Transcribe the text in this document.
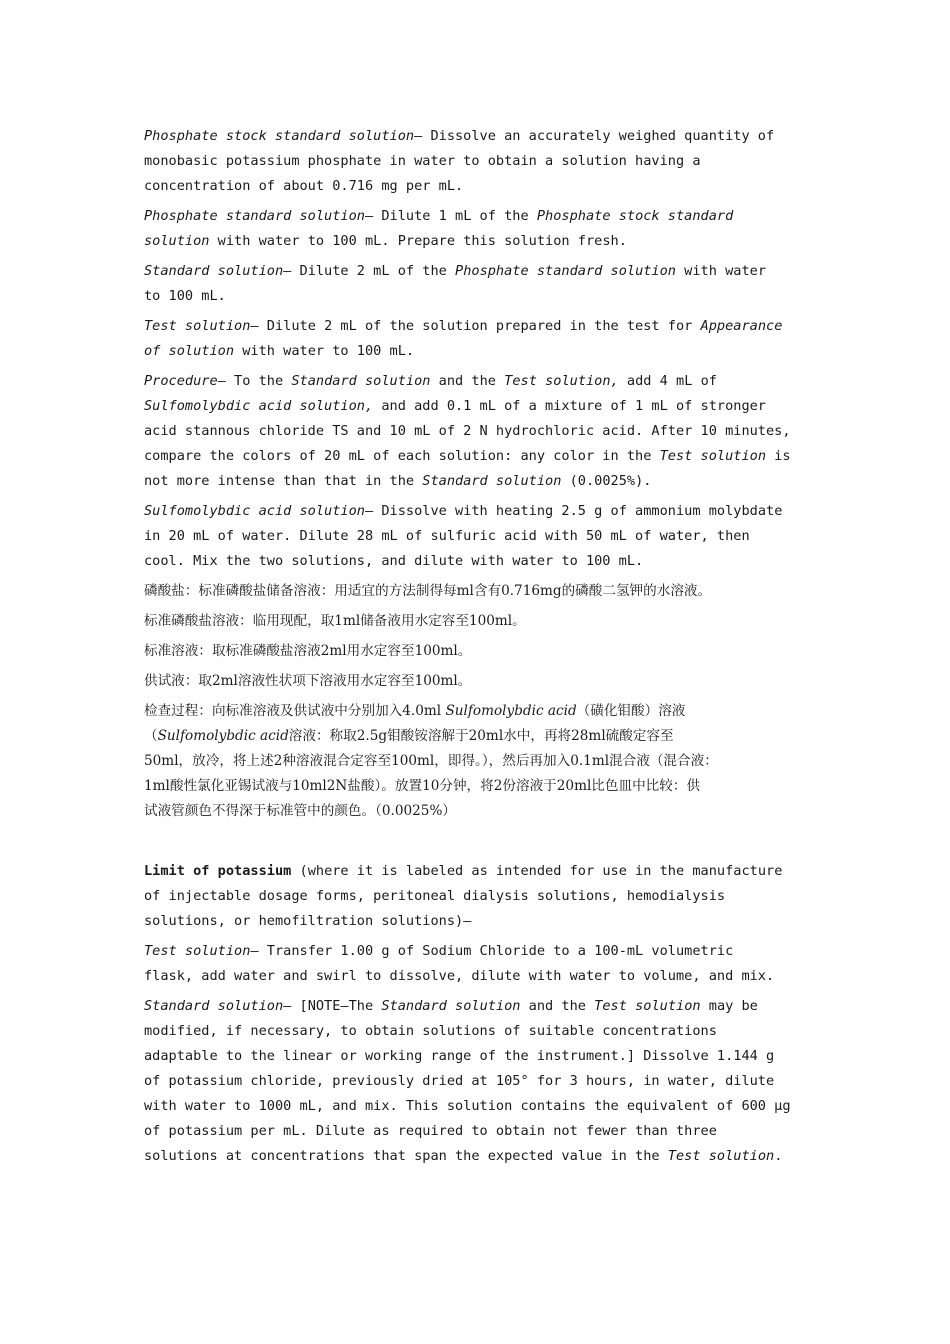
Phosphate stock standard solution— Dissolve an accurately weighed quantity of
monobasic potassium phosphate in water to obtain a solution having a
concentration of about 0.716 mg per mL.

Phosphate standard solution— Dilute 1 mL of the Phosphate stock standard
solution with water to 100 mL. Prepare this solution fresh.

Standard solution— Dilute 2 mL of the Phosphate standard solution with water
to 100 mL.

Test solution— Dilute 2 mL of the solution prepared in the test for Appearance
of solution with water to 100 mL.

Procedure— To the Standard solution and the Test solution, add 4 mL of
Sulfomolybdic acid solution, and add 0.1 mL of a mixture of 1 mL of stronger
acid stannous chloride TS and 10 mL of 2 N hydrochloric acid. After 10 minutes,
compare the colors of 20 mL of each solution: any color in the Test solution is
not more intense than that in the Standard solution (0.0025%).

Sulfomolybdic acid solution— Dissolve with heating 2.5 g of ammonium molybdate
in 20 mL of water. Dilute 28 mL of sulfuric acid with 50 mL of water, then
cool. Mix the two solutions, and dilute with water to 100 mL.

磷酸盐：标准磷酸盐储备溶液：用适宜的方法制得每ml含有0.716mg的磷酸二氢钾的水溶液。

标准磷酸盐溶液：临用现配，取1ml储备液用水定容至100ml。

标准溶液：取标准磷酸盐溶液2ml用水定容至100ml。

供试液：取2ml溶液性状项下溶液用水定容至100ml。

检查过程：向标准溶液及供试液中分别加入4.0ml Sulfomolybdic acid（磺化钼酸）溶液
（Sulfomolybdic acid溶液：称取2.5g钼酸铵溶解于20ml水中，再将28ml硫酸定容至
50ml，放冷，将上述2种溶液混合定容至100ml，即得。），然后再加入0.1ml混合液（混合液：
1ml酸性氯化亚锡试液与10ml2N盐酸）。放置10分钟，将2份溶液于20ml比色皿中比较：供
试液管颜色不得深于标准管中的颜色。（0.0025%）

Limit of potassium (where it is labeled as intended for use in the manufacture
of injectable dosage forms, peritoneal dialysis solutions, hemodialysis
solutions, or hemofiltration solutions)—

Test solution— Transfer 1.00 g of Sodium Chloride to a 100-mL volumetric
flask, add water and swirl to dissolve, dilute with water to volume, and mix.

Standard solution— [NOTE—The Standard solution and the Test solution may be
modified, if necessary, to obtain solutions of suitable concentrations
adaptable to the linear or working range of the instrument.] Dissolve 1.144 g
of potassium chloride, previously dried at 105° for 3 hours, in water, dilute
with water to 1000 mL, and mix. This solution contains the equivalent of 600 µg
of potassium per mL. Dilute as required to obtain not fewer than three
solutions at concentrations that span the expected value in the Test solution.
